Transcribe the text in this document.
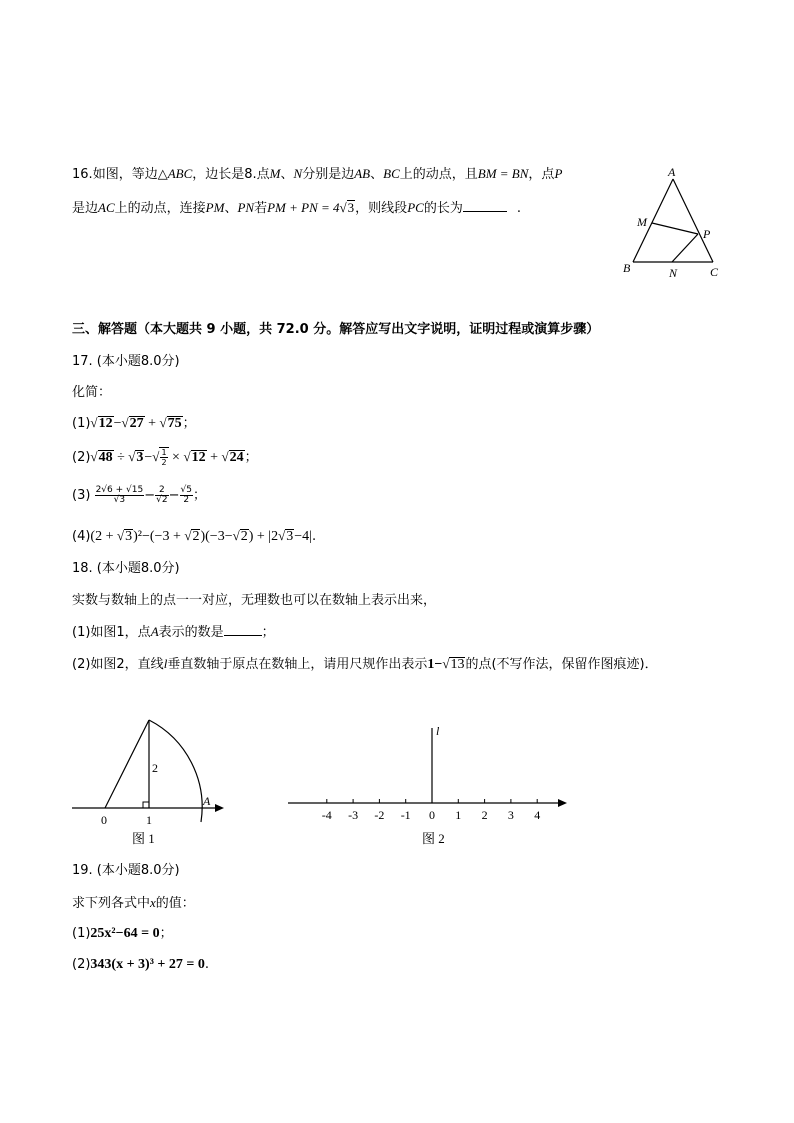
16.如图，等边△ABC，边长是8.点M、N分别是边AB、BC上的动点，且BM = BN，点P
是边AC上的动点，连接PM、PN若PM + PN = 4√3，则线段PC的长为	.
A
M
P
B	N	C
三、解答题（本大题共 9 小题，共 72.0 分。解答应写出文字说明，证明过程或演算步骤）
17. (本小题8.0分)
化简：
(1)√12−√27 + √75；
$(2)√48 \div √3-√ \frac{1}{2} \times √12 + √24$；
$(3) \frac{2√6 + √15}{√3} - \frac{2}{√2} - \frac{√5}{2}$ ；
(4)(2 + √3)²−(−3 + √2)(−3−√2) + |2√3−4|.
18. (本小题8.0分)
实数与数轴上的点一一对应，无理数也可以在数轴上表示出来，
(1)如图1，点A表示的数是	；
(2)如图2，直线l垂直数轴于原点在数轴上，请用尺规作出表示1−√13的点(不写作法，保留作图痕迹)．
0	1
2
A
图 1
l
-4 -3 -2 -1 0 1 2 3 4
图 2
19. (本小题8.0分)
求下列各式中x的值：
(1)25x²−64 = 0；
(2)343(x + 3)³ + 27 = 0.
